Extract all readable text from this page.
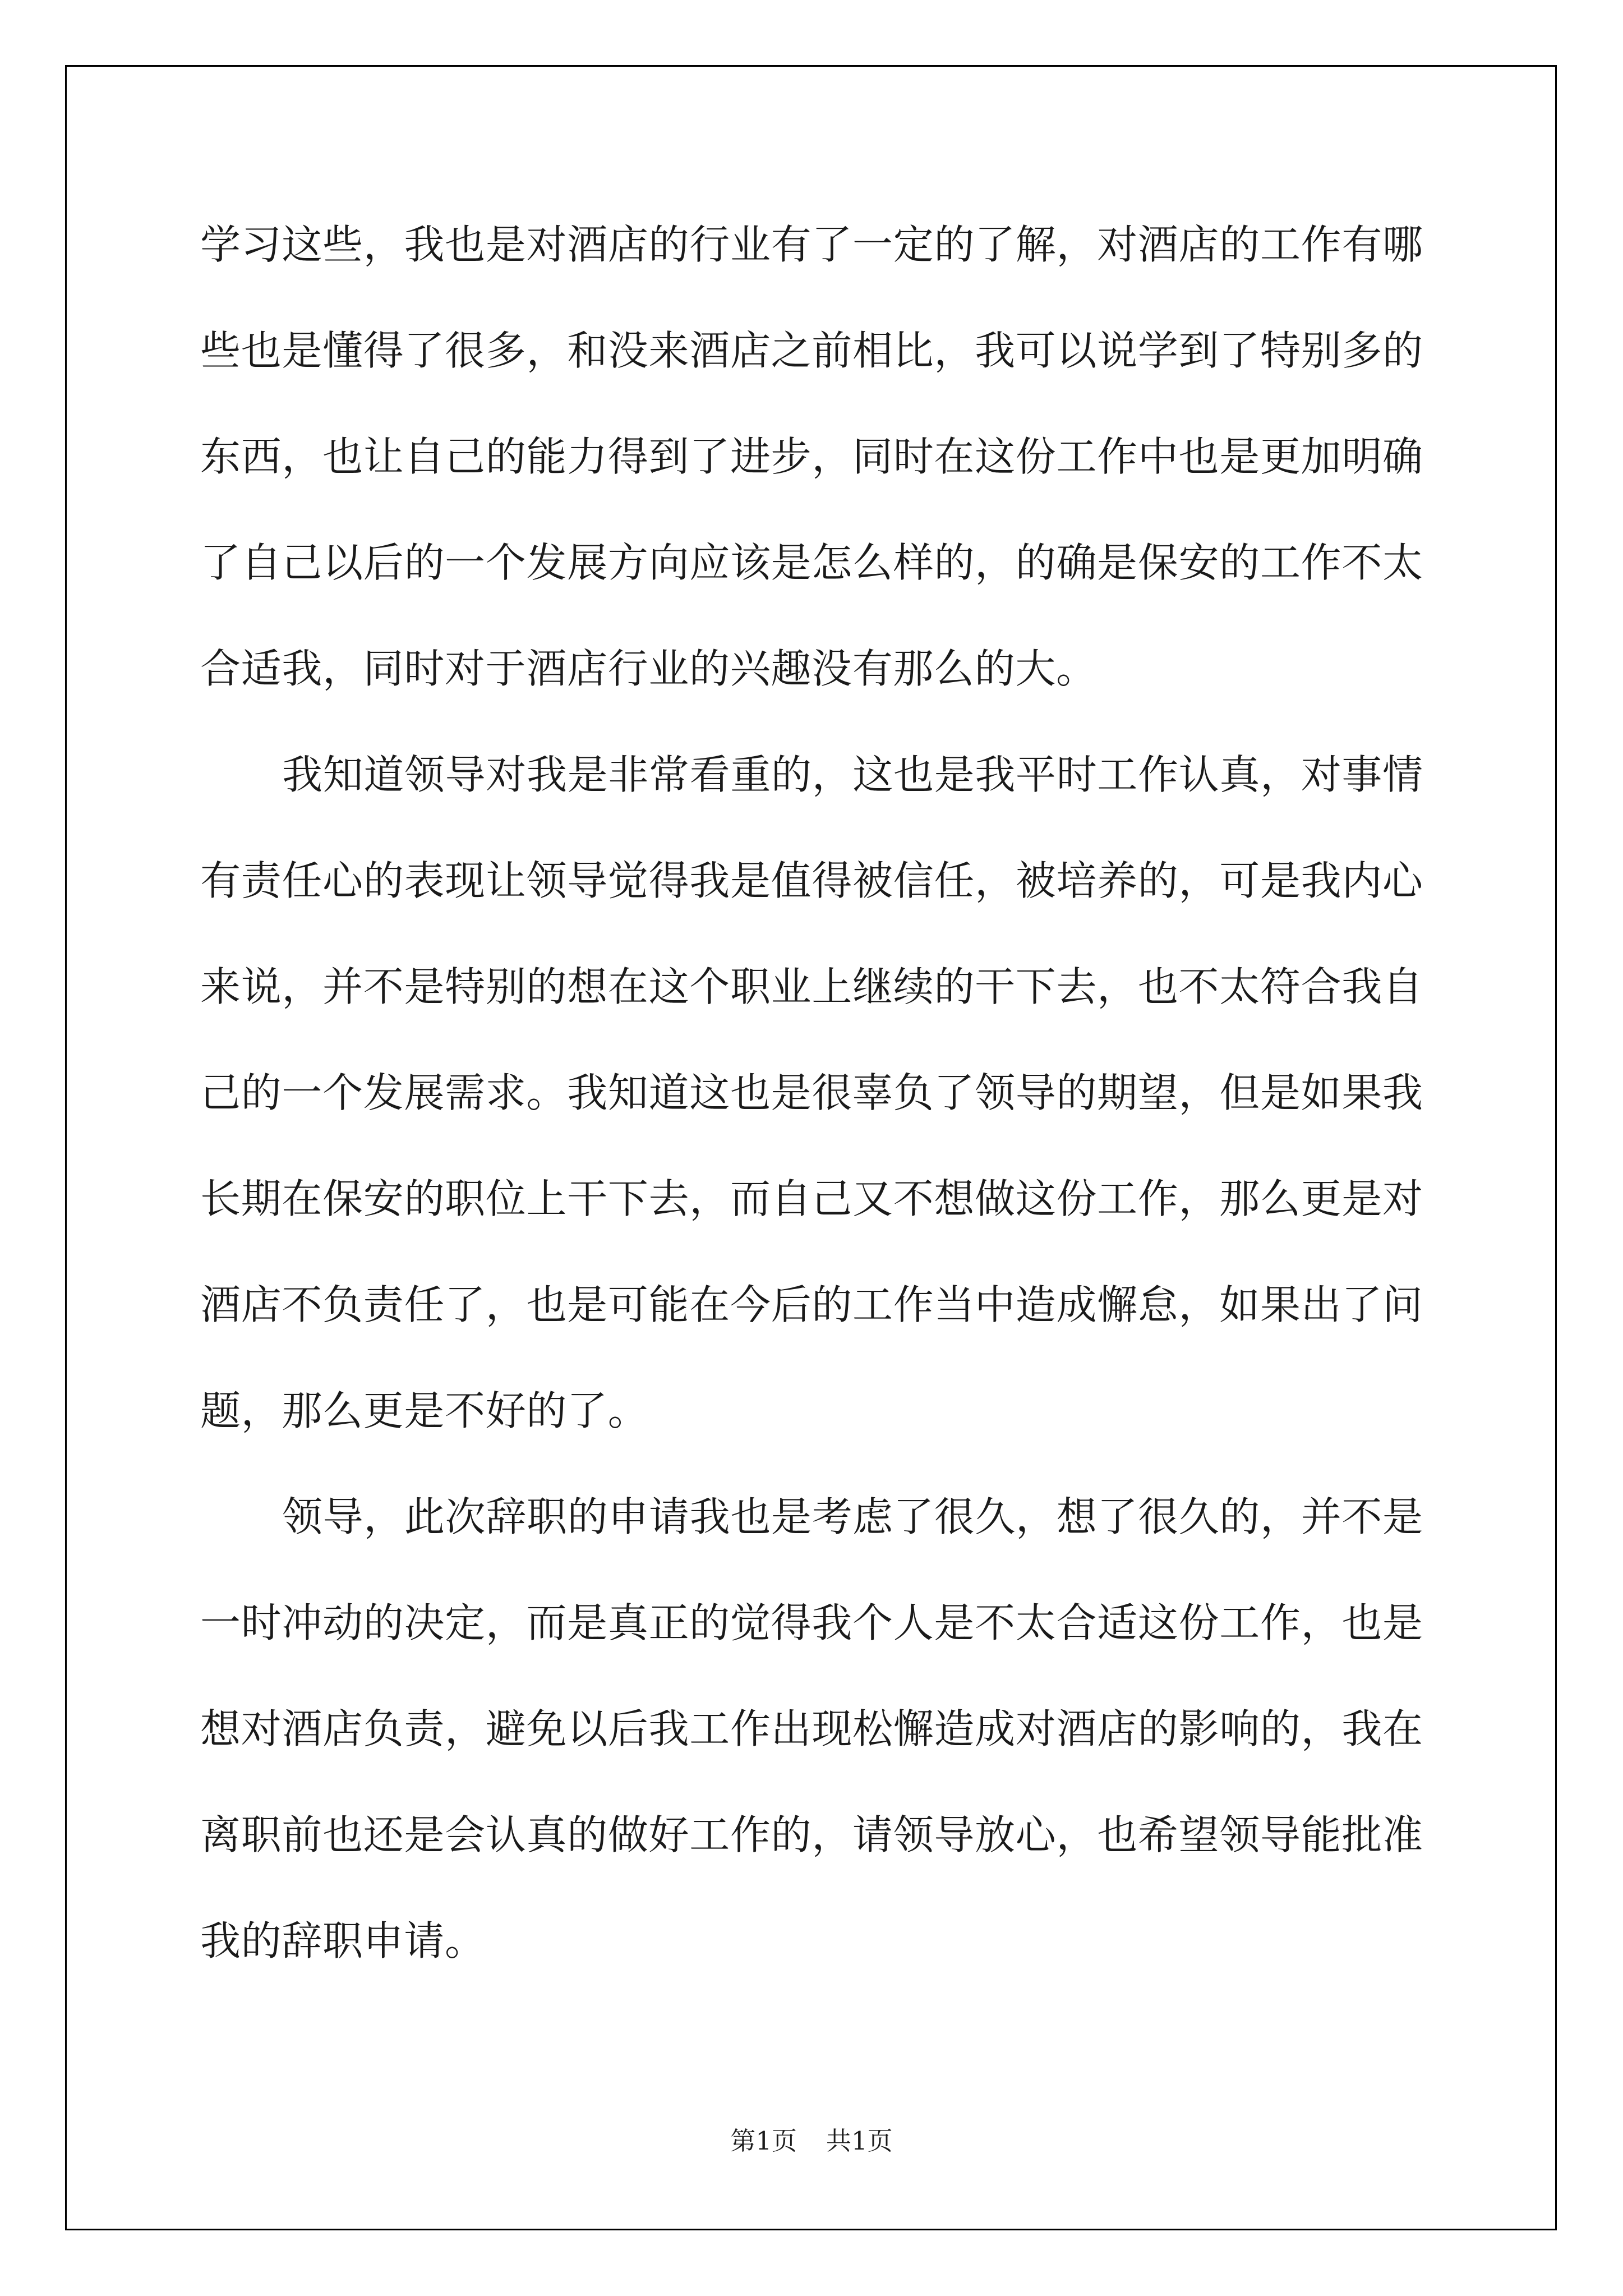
学习这些，我也是对酒店的行业有了一定的了解，对酒店的工作有哪
些也是懂得了很多，和没来酒店之前相比，我可以说学到了特别多的
东西，也让自己的能力得到了进步，同时在这份工作中也是更加明确
了自己以后的一个发展方向应该是怎么样的，的确是保安的工作不太
合适我，同时对于酒店行业的兴趣没有那么的大。
我知道领导对我是非常看重的，这也是我平时工作认真，对事情
有责任心的表现让领导觉得我是值得被信任，被培养的，可是我内心
来说，并不是特别的想在这个职业上继续的干下去，也不太符合我自
己的一个发展需求。我知道这也是很辜负了领导的期望，但是如果我
长期在保安的职位上干下去，而自己又不想做这份工作，那么更是对
酒店不负责任了，也是可能在今后的工作当中造成懈怠，如果出了问
题，那么更是不好的了。
领导，此次辞职的申请我也是考虑了很久，想了很久的，并不是
一时冲动的决定，而是真正的觉得我个人是不太合适这份工作，也是
想对酒店负责，避免以后我工作出现松懈造成对酒店的影响的，我在
离职前也还是会认真的做好工作的，请领导放心，也希望领导能批准
我的辞职申请。
第1页 共1页
